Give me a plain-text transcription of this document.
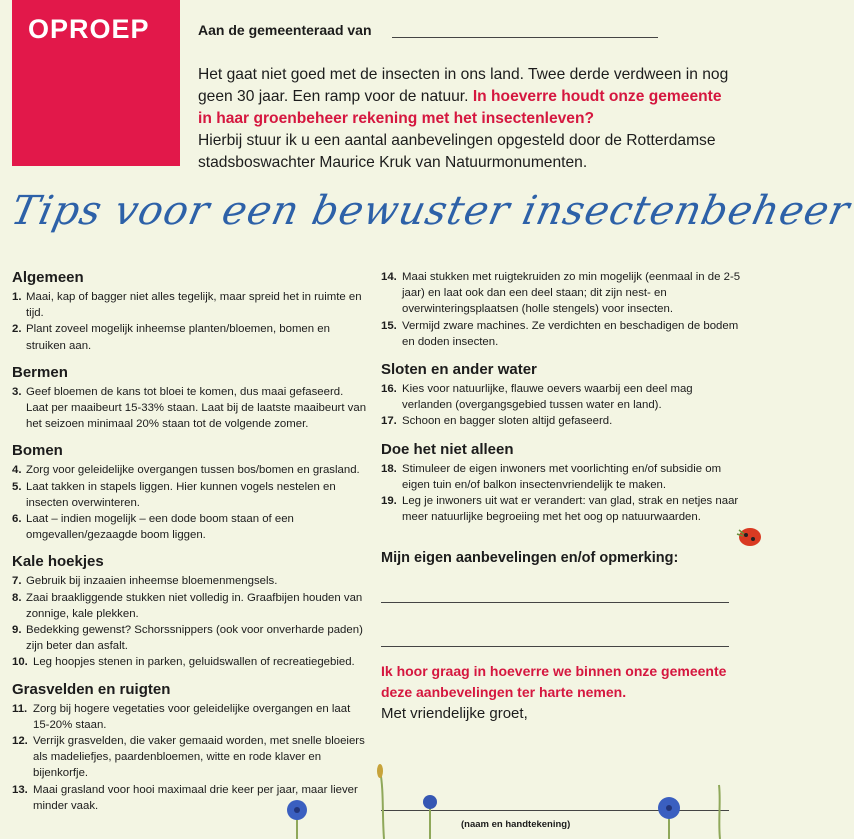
OPROEP	Aan de gemeenteraad van
Het gaat niet goed met de insecten in ons land. Twee derde verdween in nog geen 30 jaar. Een ramp voor de natuur. In hoeverre houdt onze gemeente in haar groenbeheer rekening met het insectenleven?
Hierbij stuur ik u een aantal aanbevelingen opgesteld door de Rotterdamse stadsboswachter Maurice Kruk van Natuurmonumenten.
Tips voor een bewuster insectenbeheer
Algemeen
1. Maai, kap of bagger niet alles tegelijk, maar spreid het in ruimte en tijd.
2. Plant zoveel mogelijk inheemse planten/bloemen, bomen en struiken aan.
Bermen
3. Geef bloemen de kans tot bloei te komen, dus maai gefaseerd. Laat per maaibeurt 15-33% staan. Laat bij de laatste maaibeurt van het seizoen minimaal 20% staan tot de volgende zomer.
Bomen
4. Zorg voor geleidelijke overgangen tussen bos/bomen en grasland.
5. Laat takken in stapels liggen. Hier kunnen vogels nestelen en insecten overwinteren.
6. Laat – indien mogelijk – een dode boom staan of een omgevallen/gezaagde boom liggen.
Kale hoekjes
7. Gebruik bij inzaaien inheemse bloemenmengsels.
8. Zaai braakliggende stukken niet volledig in. Graafbijen houden van zonnige, kale plekken.
9. Bedekking gewenst? Schorssnippers (ook voor onverharde paden) zijn beter dan asfalt.
10. Leg hoopjes stenen in parken, geluidswallen of recreatiegebied.
Grasvelden en ruigten
11. Zorg bij hogere vegetaties voor geleidelijke overgangen en laat 15-20% staan.
12. Verrijk grasvelden, die vaker gemaaid worden, met snelle bloeiers als madeliefjes, paardenbloemen, witte en rode klaver en bijenkorfje.
13. Maai grasland voor hooi maximaal drie keer per jaar, maar liever minder vaak.
14. Maai stukken met ruigtekruiden zo min mogelijk (eenmaal in de 2-5 jaar) en laat ook dan een deel staan; dit zijn nest- en overwinteringsplaatsen (holle stengels) voor insecten.
15. Vermijd zware machines. Ze verdichten en beschadigen de bodem en doden insecten.
Sloten en ander water
16. Kies voor natuurlijke, flauwe oevers waarbij een deel mag verlanden (overgangsgebied tussen water en land).
17. Schoon en bagger sloten altijd gefaseerd.
Doe het niet alleen
18. Stimuleer de eigen inwoners met voorlichting en/of subsidie om eigen tuin en/of balkon insectenvriendelijk te maken.
19. Leg je inwoners uit wat er verandert: van glad, strak en netjes naar meer natuurlijke begroeiing met het oog op natuurwaarden.
Mijn eigen aanbevelingen en/of opmerking:
Ik hoor graag in hoeverre we binnen onze gemeente deze aanbevelingen ter harte nemen.
Met vriendelijke groet,
(naam en handtekening)
